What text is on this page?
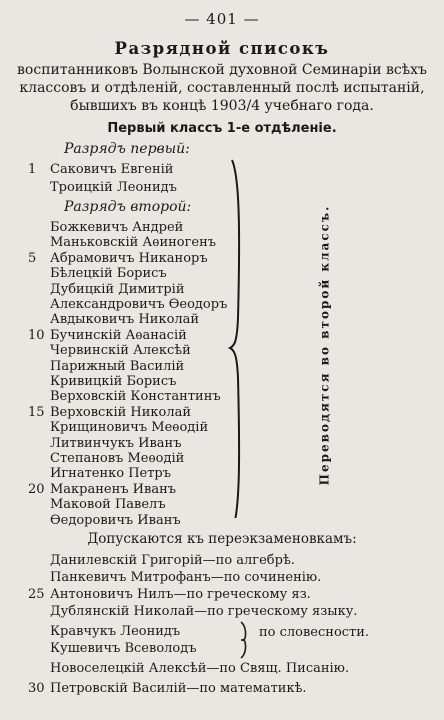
— 401 —
Разрядной списокъ
воспитанниковъ Волынской духовной Семинаріи всѣхъ
классовъ и отдѣленій, составленный послѣ испытаній,
бывшихъ въ концѣ 1903/4 учебнаго года.
Первый классъ 1-е отдѣленіе.
Разрядъ первый:
1	Саковичъ Евгеній
Троицкій Леонидъ
Разрядъ второй:
Божкевичъ Андрей
Маньковскій Аѳиногенъ
5	Абрамовичъ Никаноръ
Бѣлецкій Борисъ
Дубицкій Димитрій
Александровичъ Ѳеодоръ
Авдыковичъ Николай
10 Бучинскій Аѳанасій
Червинскій Алексѣй
Парижный Василій
Кривицкій Борисъ
Верховскій Константинъ
15 Верховскій Николай
Крищиновичъ Меѳодій
Литвинчукъ Иванъ
Степановъ Меѳодій
Игнатенко Петръ
20 Макраненъ Иванъ
Маковой Павелъ
Ѳедоровичъ Иванъ
Переводятся во второй классъ.
Допускаются къ переэкзаменовкамъ:
Данилевскій Григорій—по алгебрѣ.
Панкевичъ Митрофанъ—по сочиненію.
25 Антоновичъ Нилъ—по греческому яз.
Дублянскій Николай—по греческому языку.
Кравчукъ Леонидъ
Кушевичъ Всеволодъ
Новоселецкій Алексѣй—по Свящ. Писанію.
30 Петровскій Василій—по математикѣ.
по словесности.
